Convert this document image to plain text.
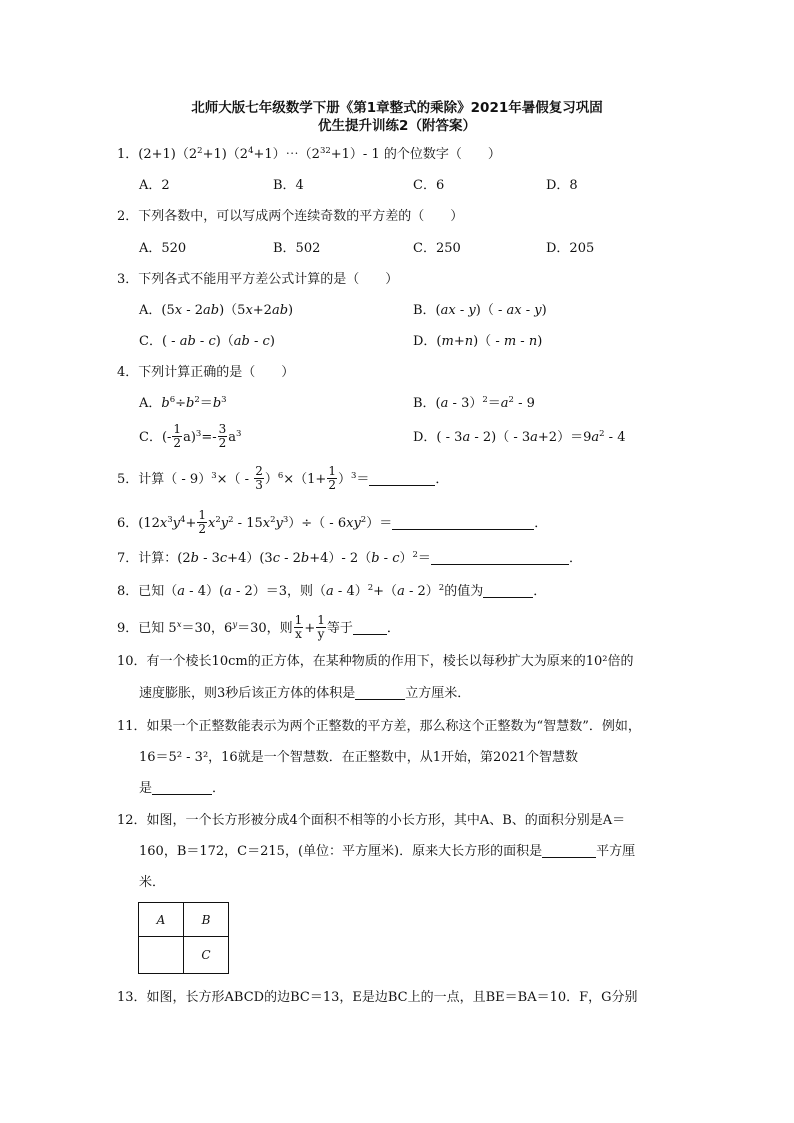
北师大版七年级数学下册《第1章整式的乘除》2021年暑假复习巩固
优生提升训练2（附答案）
1．$(2+1)(2^2+1)(2^4+1)\cdots(2^{32}+1)-$ 1 的个位数字（　　）
A．2	B．4	C．6	D．8
2．下列各数中，可以写成两个连续奇数的平方差的（　　）
A．520	B．502	C．250	D．205
3．下列各式不能用平方差公式计算的是（　　）
A．(5x - 2ab)（5x+2ab)	B．(ax - y)（ - ax - y)
C．( - ab - c)（ab - c)	D．(m+n)（ - m - n)
4．下列计算正确的是（　　）
A．$b^6\div b^2=b^3$	B．$(a - 3)^2=a^2 - 9$
C．(- $\frac{1}{2} a)^3=- \frac{3}{2} a^3$	D．( - $3a - 2)( - 3a+2)=9a^2 - 4$
5．计算（ - $9)^3\times( - \frac{2}{3} )^6\times(1+ \frac{1}{2} )^3=$	．
6．$(12x^3y^4+ \frac{1}{2} x^2y^2 - 15x^2y^3)\div( - 6xy^2)=$	．
7．计算：(2b - 3c+4）(3c - 2b+4）- 2（b - c）$^2$＝	．
8．已知（a - 4）(a - 2）＝3，则（a - 4）$^2$+（a - 2）$^2$的值为	．
9．已知 $5^x=30$，$6^y=30$，则 $\frac{1}{x} + \frac{1}{y}$ 等于	．
10．有一个棱长10cm的正方体，在某种物质的作用下，棱长以每秒扩大为原来的10²倍的
速度膨胀，则3秒后该正方体的体积是	立方厘米．
11．如果一个正整数能表示为两个正整数的平方差，那么称这个正整数为“智慧数”．例如，
16＝5² - 3²，16就是一个智慧数．在正整数中，从1开始，第2021个智慧数
是	．
12．如图，一个长方形被分成4个面积不相等的小长方形，其中A、B、的面积分别是A＝
160，B＝172，C＝215，(单位：平方厘米)．原来大长方形的面积是	平方厘
米．
A	B
	C
13．如图，长方形ABCD的边BC＝13，E是边BC上的一点，且BE＝BA＝10．F，G分别
